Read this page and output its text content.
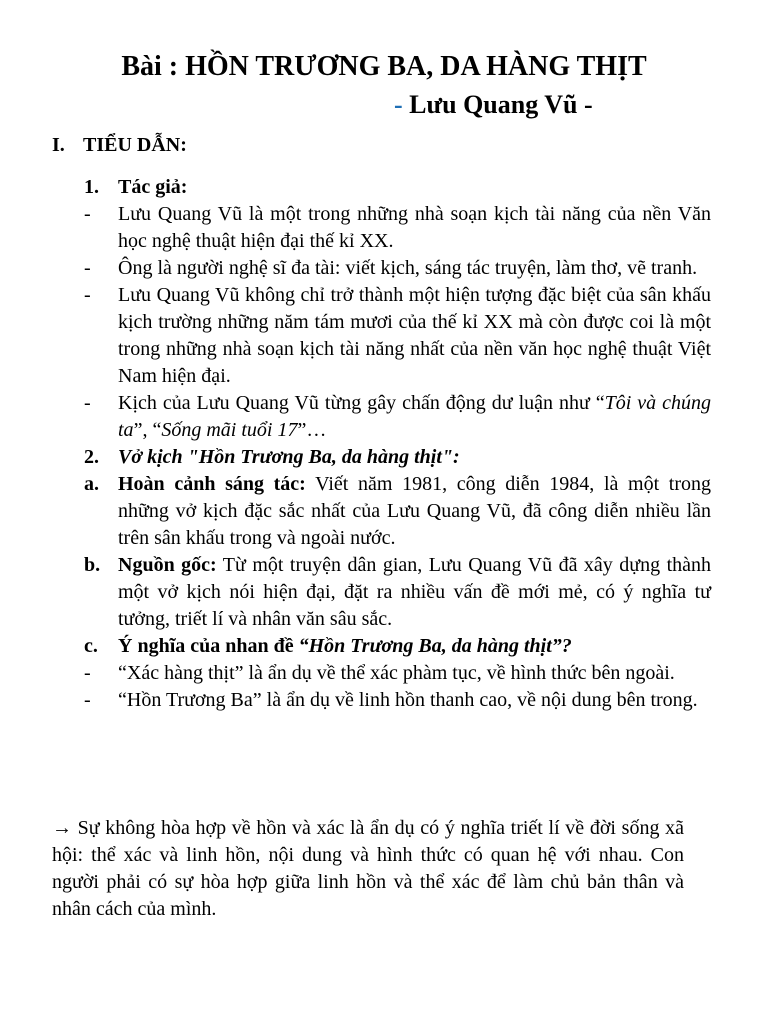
Bài : HỒN TRƯƠNG BA, DA HÀNG THỊT
- Lưu Quang Vũ -
I. TIỂU DẪN:
1. Tác giả:
-	Lưu Quang Vũ là một trong những nhà soạn kịch tài năng của nền Văn học nghệ thuật hiện đại thế kỉ XX.
-	Ông là người nghệ sĩ đa tài: viết kịch, sáng tác truyện, làm thơ, vẽ tranh.
-	Lưu Quang Vũ không chỉ trở thành một hiện tượng đặc biệt của sân khấu kịch trường những năm tám mươi của thế kỉ XX mà còn được coi là một trong những nhà soạn kịch tài năng nhất của nền văn học nghệ thuật Việt Nam hiện đại.
-	Kịch của Lưu Quang Vũ từng gây chấn động dư luận như “Tôi và chúng ta”, “Sống mãi tuổi 17”…
2. Vở kịch "Hồn Trương Ba, da hàng thịt":
a. Hoàn cảnh sáng tác: Viết năm 1981, công diễn 1984, là một trong những vở kịch đặc sắc nhất của Lưu Quang Vũ, đã công diễn nhiều lần trên sân khấu trong và ngoài nước.
b. Nguồn gốc: Từ một truyện dân gian, Lưu Quang Vũ đã xây dựng thành một vở kịch nói hiện đại, đặt ra nhiều vấn đề mới mẻ, có ý nghĩa tư tưởng, triết lí và nhân văn sâu sắc.
c.	Ý nghĩa của nhan đề “Hồn Trương Ba, da hàng thịt”?
-	“Xác hàng thịt” là ẩn dụ về thể xác phàm tục, về hình thức bên ngoài.
-	“Hồn Trương Ba” là ẩn dụ về linh hồn thanh cao, về nội dung bên trong.
→ Sự không hòa hợp về hồn và xác là ẩn dụ có ý nghĩa triết lí về đời sống xã hội: thể xác và linh hồn, nội dung và hình thức có quan hệ với nhau. Con người phải có sự hòa hợp giữa linh hồn và thể xác để làm chủ bản thân và nhân cách của mình.
